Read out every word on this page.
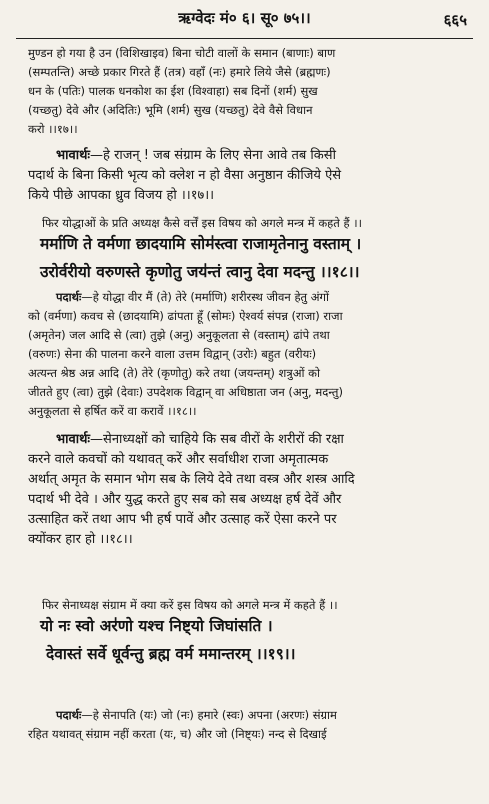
ऋग्वेदः मं० ६। सू० ७५।।	६६५
मुण्डन हो गया है उन (विशिखाइव) बिना चोटी वालों के समान (बाणाः) बाण
(सम्पतन्ति) अच्छे प्रकार गिरते हैं (तत्र) वहाँ (नः) हमारे लिये जैसे (ब्रह्मणः)
धन के (पतिः) पालक धनकोश का ईश (विश्वाहा) सब दिनों (शर्म) सुख
(यच्छतु) देवे और (अदितिः) भूमि (शर्म) सुख (यच्छतु) देवे वैसे विधान
करो ।।१७।।
भावार्थः—हे राजन् ! जब संग्राम के लिए सेना आवे तब किसी
पदार्थ के बिना किसी भृत्य को क्लेश न हो वैसा अनुष्ठान कीजिये ऐसे
किये पीछे आपका ध्रुव विजय हो ।।१७।।
फिर योद्धाओं के प्रति अध्यक्ष कैसे वर्त्तें इस विषय को अगले मन्त्र में कहते हैं ।।
मर्माणि ते वर्मणा छादयामि सोम॑स्त्वा राजामृतेनानु वस्ताम् ।
उरोर्वरीयो वरुणस्ते कृणोतु जय॑न्तं त्वानु देवा मदन्तु ।।१८।।
पदार्थः—हे योद्धा वीर मैं (ते) तेरे (मर्माणि) शरीरस्थ जीवन हेतु अंगों
को (वर्मणा) कवच से (छादयामि) ढांपता हूँ (सोमः) ऐश्वर्य संपन्न (राजा) राजा
(अमृतेन) जल आदि से (त्वा) तुझे (अनु) अनुकूलता से (वस्ताम्) ढांपे तथा
(वरुणः) सेना की पालना करने वाला उत्तम विद्वान् (उरोः) बहुत (वरीयः)
अत्यन्त श्रेष्ठ अन्न आदि (ते) तेरे (कृणोतु) करे तथा (जयन्तम्) शत्रुओं को
जीतते हुए (त्वा) तुझे (देवाः) उपदेशक विद्वान् वा अधिष्ठाता जन (अनु, मदन्तु)
अनुकूलता से हर्षित करें वा करावें ।।१८।।
भावार्थः—सेनाध्यक्षों को चाहिये कि सब वीरों के शरीरों की रक्षा
करने वाले कवचों को यथावत् करें और सर्वाधीश राजा अमृतात्मक
अर्थात् अमृत के समान भोग सब के लिये देवे तथा वस्त्र और शस्त्र आदि
पदार्थ भी देवे । और युद्ध करते हुए सब को सब अध्यक्ष हर्ष देवें और
उत्साहित करें तथा आप भी हर्ष पावें और उत्साह करें ऐसा करने पर
क्योंकर हार हो ।।१८।।
फिर सेनाध्यक्ष संग्राम में क्या करें इस विषय को अगले मन्त्र में कहते हैं ।।
यो नः स्वो अर॑णो यश्च निष्ट्यो जिघांसति ।
देवास्तं सर्वे धूर्वन्तु ब्रह्म वर्म ममान्तरम् ।।१९।।
पदार्थः—हे सेनापति (यः) जो (नः) हमारे (स्वः) अपना (अरणः) संग्राम
रहित यथावत् संग्राम नहीं करता (यः, च) और जो (निष्ट्यः) नन्द से दिखाई
